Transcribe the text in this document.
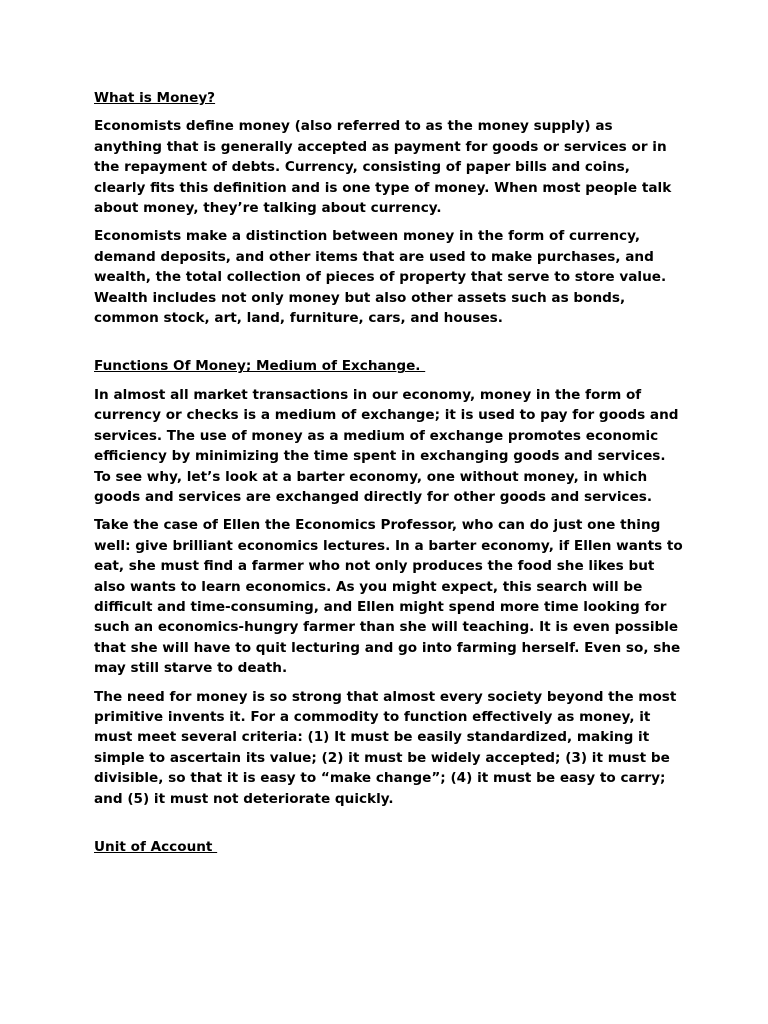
What is Money?

Economists define money (also referred to as the money supply) as anything that is generally accepted as payment for goods or services or in the repayment of debts. Currency, consisting of paper bills and coins, clearly fits this definition and is one type of money. When most people talk about money, they’re talking about currency.

Economists make a distinction between money in the form of currency, demand deposits, and other items that are used to make purchases, and wealth, the total collection of pieces of property that serve to store value. Wealth includes not only money but also other assets such as bonds, common stock, art, land, furniture, cars, and houses.

Functions Of Money; Medium of Exchange.

In almost all market transactions in our economy, money in the form of currency or checks is a medium of exchange; it is used to pay for goods and services. The use of money as a medium of exchange promotes economic efficiency by minimizing the time spent in exchanging goods and services. To see why, let’s look at a barter economy, one without money, in which goods and services are exchanged directly for other goods and services.

Take the case of Ellen the Economics Professor, who can do just one thing well: give brilliant economics lectures. In a barter economy, if Ellen wants to eat, she must find a farmer who not only produces the food she likes but also wants to learn economics. As you might expect, this search will be difficult and time-consuming, and Ellen might spend more time looking for such an economics-hungry farmer than she will teaching. It is even possible that she will have to quit lecturing and go into farming herself. Even so, she may still starve to death.

The need for money is so strong that almost every society beyond the most primitive invents it. For a commodity to function effectively as money, it must meet several criteria: (1) It must be easily standardized, making it simple to ascertain its value; (2) it must be widely accepted; (3) it must be divisible, so that it is easy to “make change”; (4) it must be easy to carry; and (5) it must not deteriorate quickly.

Unit of Account
